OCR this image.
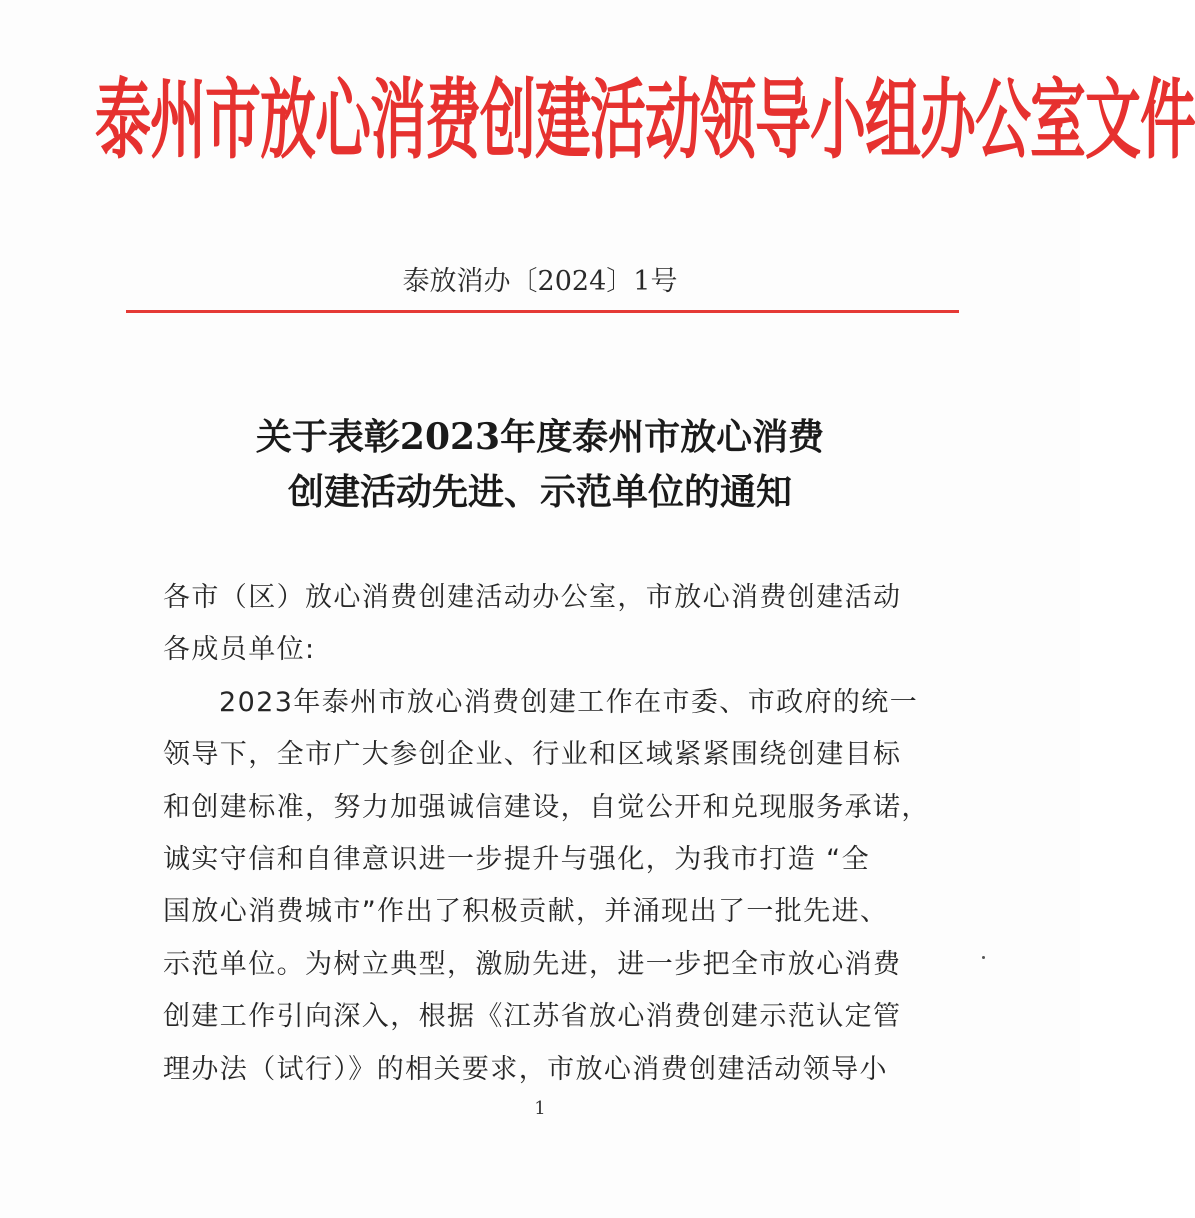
泰州市放心消费创建活动领导小组办公室文件
泰放消办〔2024〕1号
关于表彰2023年度泰州市放心消费
创建活动先进、示范单位的通知
各市（区）放心消费创建活动办公室，市放心消费创建活动
各成员单位:
2023年泰州市放心消费创建工作在市委、市政府的统一
领导下，全市广大参创企业、行业和区域紧紧围绕创建目标
和创建标准，努力加强诚信建设，自觉公开和兑现服务承诺，
诚实守信和自律意识进一步提升与强化，为我市打造 “全
国放心消费城市”作出了积极贡献，并涌现出了一批先进、
示范单位。为树立典型，激励先进，进一步把全市放心消费
创建工作引向深入，根据《江苏省放心消费创建示范认定管
理办法（试行）》的相关要求，市放心消费创建活动领导小
1
